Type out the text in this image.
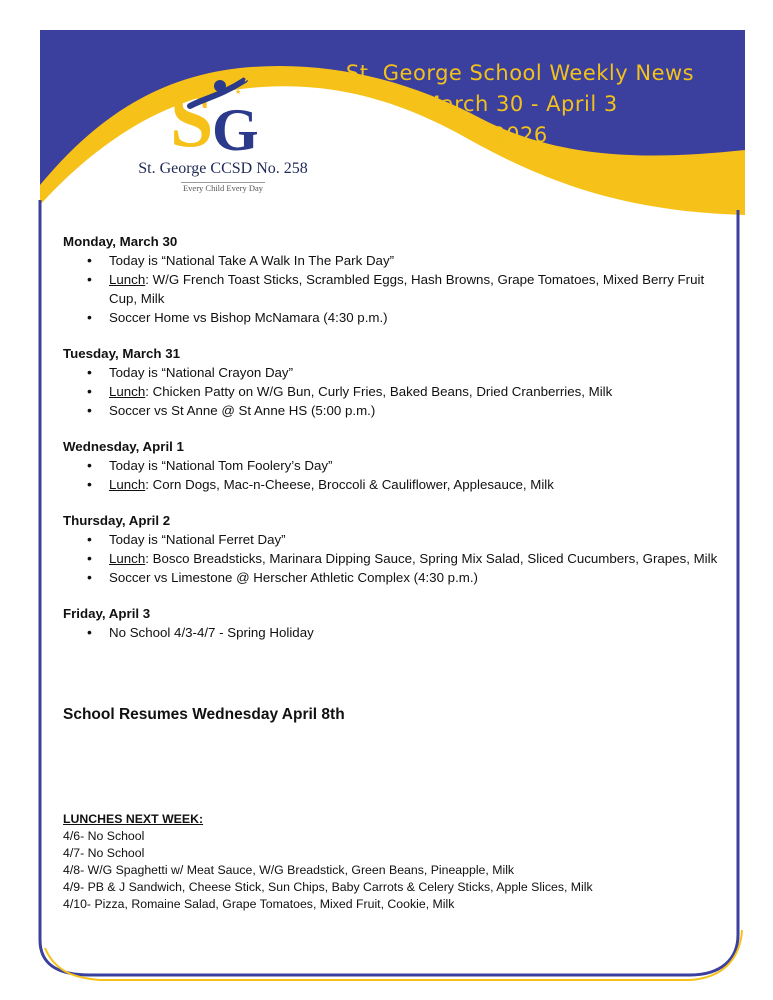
St. George School Weekly News
March 30 - April 3
2026
S
G
★
★
St. George CCSD No. 258
Every Child Every Day
Monday, March 30
• Today is “National Take A Walk In The Park Day”
• Lunch: W/G French Toast Sticks, Scrambled Eggs, Hash Browns, Grape Tomatoes, Mixed Berry Fruit Cup, Milk
• Soccer Home vs Bishop McNamara (4:30 p.m.)
Tuesday, March 31
• Today is “National Crayon Day”
• Lunch: Chicken Patty on W/G Bun, Curly Fries, Baked Beans, Dried Cranberries, Milk
• Soccer vs St Anne @ St Anne HS (5:00 p.m.)
Wednesday, April 1
• Today is “National Tom Foolery’s Day”
• Lunch: Corn Dogs, Mac-n-Cheese, Broccoli & Cauliflower, Applesauce, Milk
Thursday, April 2
• Today is “National Ferret Day”
• Lunch: Bosco Breadsticks, Marinara Dipping Sauce, Spring Mix Salad, Sliced Cucumbers, Grapes, Milk
• Soccer vs Limestone @ Herscher Athletic Complex (4:30 p.m.)
Friday, April 3
• No School 4/3-4/7 - Spring Holiday
School Resumes Wednesday April 8th
LUNCHES NEXT WEEK:
4/6- No School
4/7- No School
4/8- W/G Spaghetti w/ Meat Sauce, W/G Breadstick, Green Beans, Pineapple, Milk
4/9- PB & J Sandwich, Cheese Stick, Sun Chips, Baby Carrots & Celery Sticks, Apple Slices, Milk
4/10- Pizza, Romaine Salad, Grape Tomatoes, Mixed Fruit, Cookie, Milk
